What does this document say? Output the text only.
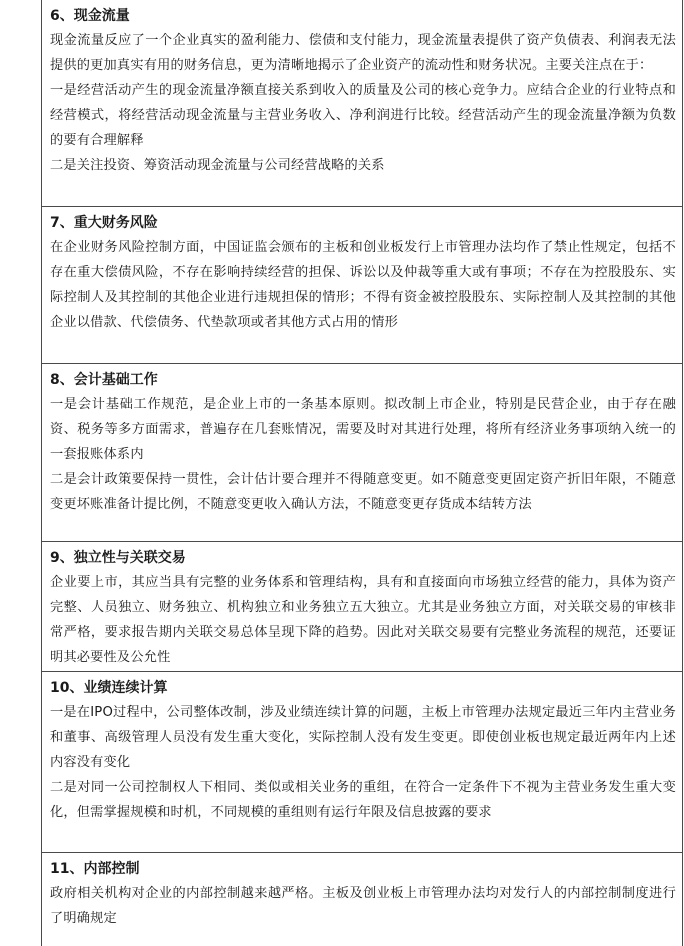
6、现金流量
现金流量反应了一个企业真实的盈利能力、偿债和支付能力，现金流量表提供了资产负债表、利润表无法提供的更加真实有用的财务信息，更为清晰地揭示了企业资产的流动性和财务状况。主要关注点在于：
一是经营活动产生的现金流量净额直接关系到收入的质量及公司的核心竞争力。应结合企业的行业特点和经营模式，将经营活动现金流量与主营业务收入、净利润进行比较。经营活动产生的现金流量净额为负数的要有合理解释
二是关注投资、筹资活动现金流量与公司经营战略的关系
7、重大财务风险
在企业财务风险控制方面，中国证监会颁布的主板和创业板发行上市管理办法均作了禁止性规定，包括不存在重大偿债风险，不存在影响持续经营的担保、诉讼以及仲裁等重大或有事项；不存在为控股股东、实际控制人及其控制的其他企业进行违规担保的情形；不得有资金被控股股东、实际控制人及其控制的其他企业以借款、代偿债务、代垫款项或者其他方式占用的情形
8、会计基础工作
一是会计基础工作规范，是企业上市的一条基本原则。拟改制上市企业，特别是民营企业，由于存在融资、税务等多方面需求，普遍存在几套账情况，需要及时对其进行处理，将所有经济业务事项纳入统一的一套报账体系内
二是会计政策要保持一贯性，会计估计要合理并不得随意变更。如不随意变更固定资产折旧年限，不随意变更坏账准备计提比例，不随意变更收入确认方法，不随意变更存货成本结转方法
9、独立性与关联交易
企业要上市，其应当具有完整的业务体系和管理结构，具有和直接面向市场独立经营的能力，具体为资产完整、人员独立、财务独立、机构独立和业务独立五大独立。尤其是业务独立方面，对关联交易的审核非常严格，要求报告期内关联交易总体呈现下降的趋势。因此对关联交易要有完整业务流程的规范，还要证明其必要性及公允性
10、业绩连续计算
一是在IPO过程中，公司整体改制，涉及业绩连续计算的问题，主板上市管理办法规定最近三年内主营业务和董事、高级管理人员没有发生重大变化，实际控制人没有发生变更。即使创业板也规定最近两年内上述内容没有变化
二是对同一公司控制权人下相同、类似或相关业务的重组，在符合一定条件下不视为主营业务发生重大变化，但需掌握规模和时机，不同规模的重组则有运行年限及信息披露的要求
11、内部控制
政府相关机构对企业的内部控制越来越严格。主板及创业板上市管理办法均对发行人的内部控制制度进行了明确规定
